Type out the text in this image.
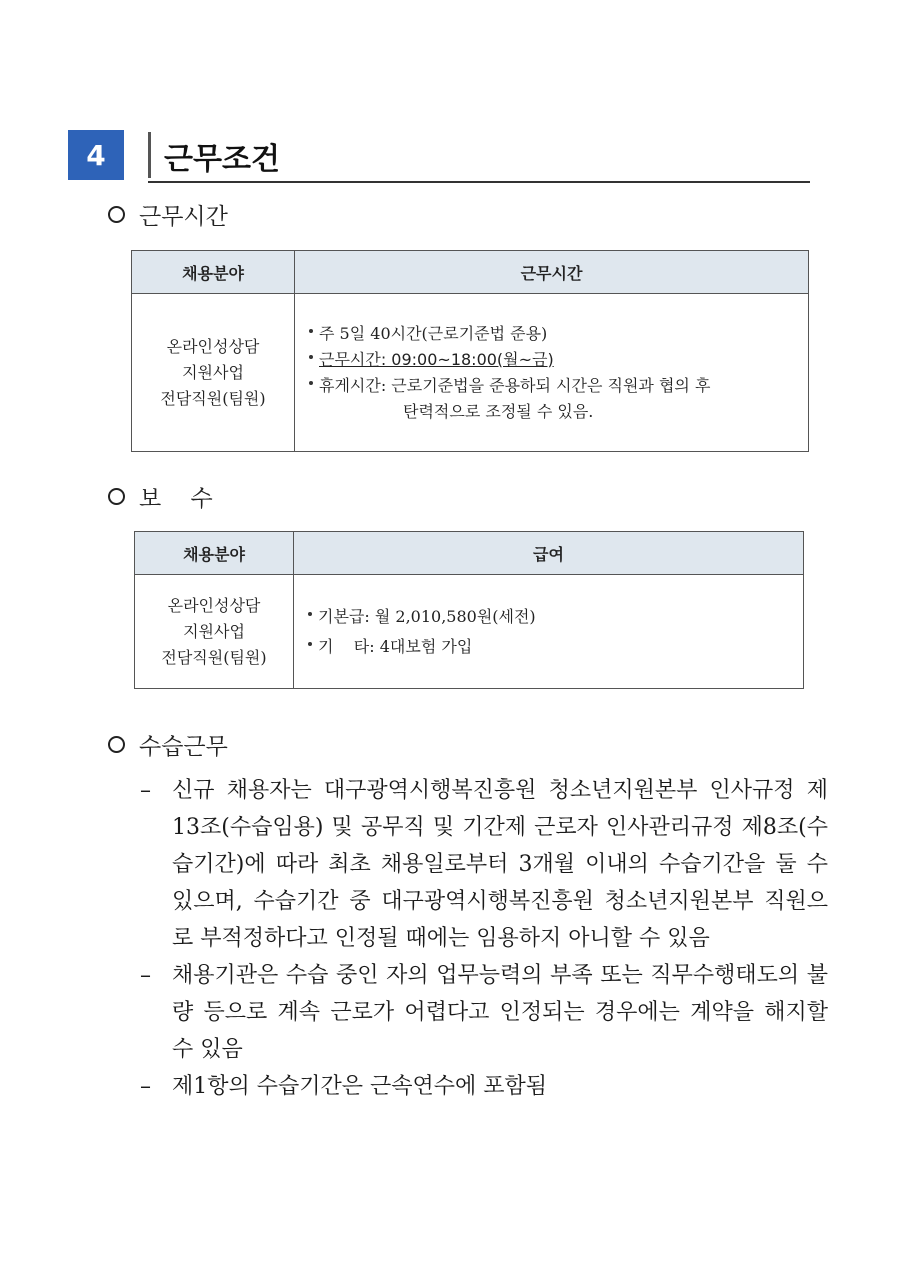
4	근무조건
근무시간
채용분야	근무시간

온라인성상담
지원사업
전담직원(팀원)	주 5일 40시간(근로기준법 준용)
근무시간: 09:00~18:00(월~금)
휴게시간: 근로기준법을 준용하되 시간은 직원과 협의 후
탄력적으로 조정될 수 있음.
보    수
채용분야	급여

온라인성상담
지원사업
전담직원(팀원)	기본급: 월 2,010,580원(세전)
기    타: 4대보험 가입
수습근무
– 신규 채용자는 대구광역시행복진흥원 청소년지원본부 인사규정 제13조(수습임용) 및 공무직 및 기간제 근로자 인사관리규정 제8조(수습기간)에 따라 최초 채용일로부터 3개월 이내의 수습기간을 둘 수 있으며, 수습기간 중 대구광역시행복진흥원 청소년지원본부 직원으로 부적정하다고 인정될 때에는 임용하지 아니할 수 있음
– 채용기관은 수습 중인 자의 업무능력의 부족 또는 직무수행태도의 불량 등으로 계속 근로가 어렵다고 인정되는 경우에는 계약을 해지할 수 있음
– 제1항의 수습기간은 근속연수에 포함됨
